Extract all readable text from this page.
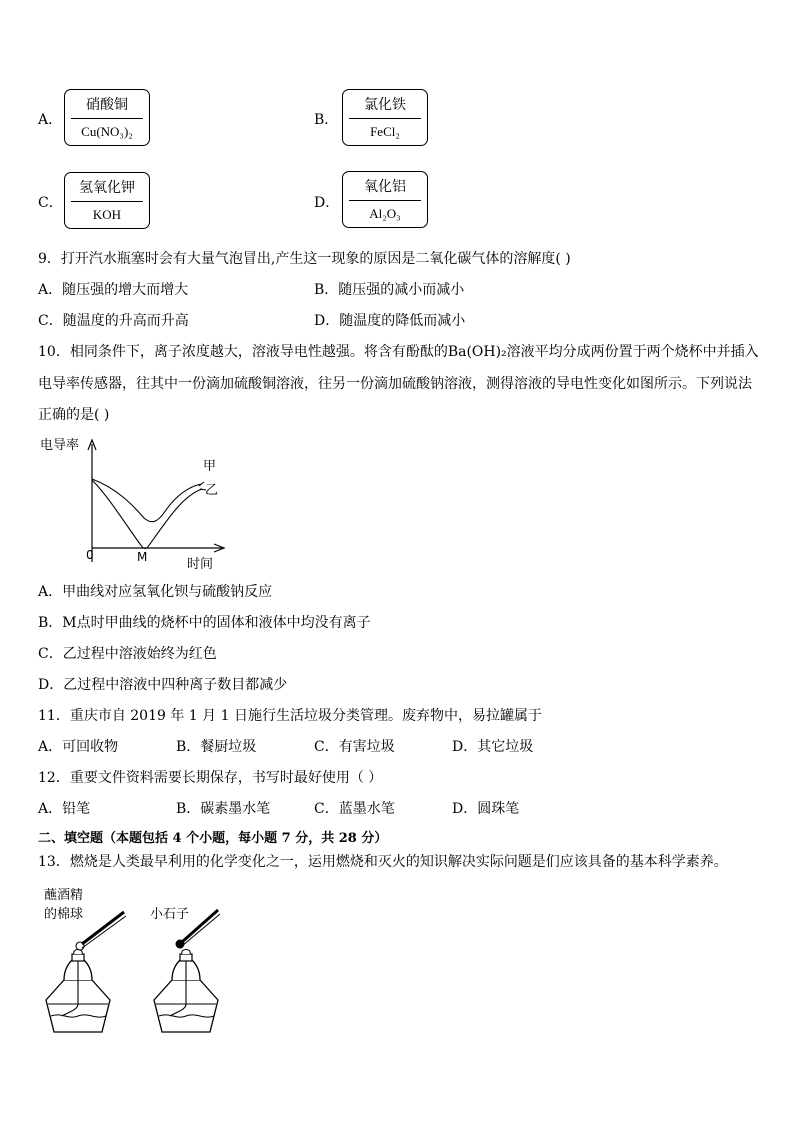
A．
硝酸铜
Cu(NO₃)₂
B．
氯化铁
FeCl₂
C．
氢氧化钾
KOH
D．
氧化铝
Al₂O₃
9．打开汽水瓶塞时会有大量气泡冒出,产生这一现象的原因是二氧化碳气体的溶解度( )
A．随压强的增大而增大	B．随压强的减小而减小
C．随温度的升高而升高	D．随温度的降低而减小
10．相同条件下，离子浓度越大，溶液导电性越强。将含有酚酞的Ba(OH)₂溶液平均分成两份置于两个烧杯中并插入
电导率传感器，往其中一份滴加硫酸铜溶液，往另一份滴加硫酸钠溶液，测得溶液的导电性变化如图所示。下列说法
正确的是( )
电导率
0	M	时间
甲
乙
A．甲曲线对应氢氧化钡与硫酸钠反应
B．M点时甲曲线的烧杯中的固体和液体中均没有离子
C．乙过程中溶液始终为红色
D．乙过程中溶液中四种离子数目都减少
11．重庆市自 2019 年 1 月 1 日施行生活垃圾分类管理。废弃物中，易拉罐属于
A．可回收物	B．餐厨垃圾	C．有害垃圾	D．其它垃圾
12．重要文件资料需要长期保存，书写时最好使用（ ）
A．铅笔	B．碳素墨水笔	C．蓝墨水笔	D．圆珠笔
二、填空题（本题包括 4 个小题，每小题 7 分，共 28 分）
13．燃烧是人类最早利用的化学变化之一，运用燃烧和灭火的知识解决实际问题是们应该具备的基本科学素养。
蘸酒精
的棉球	小石子
